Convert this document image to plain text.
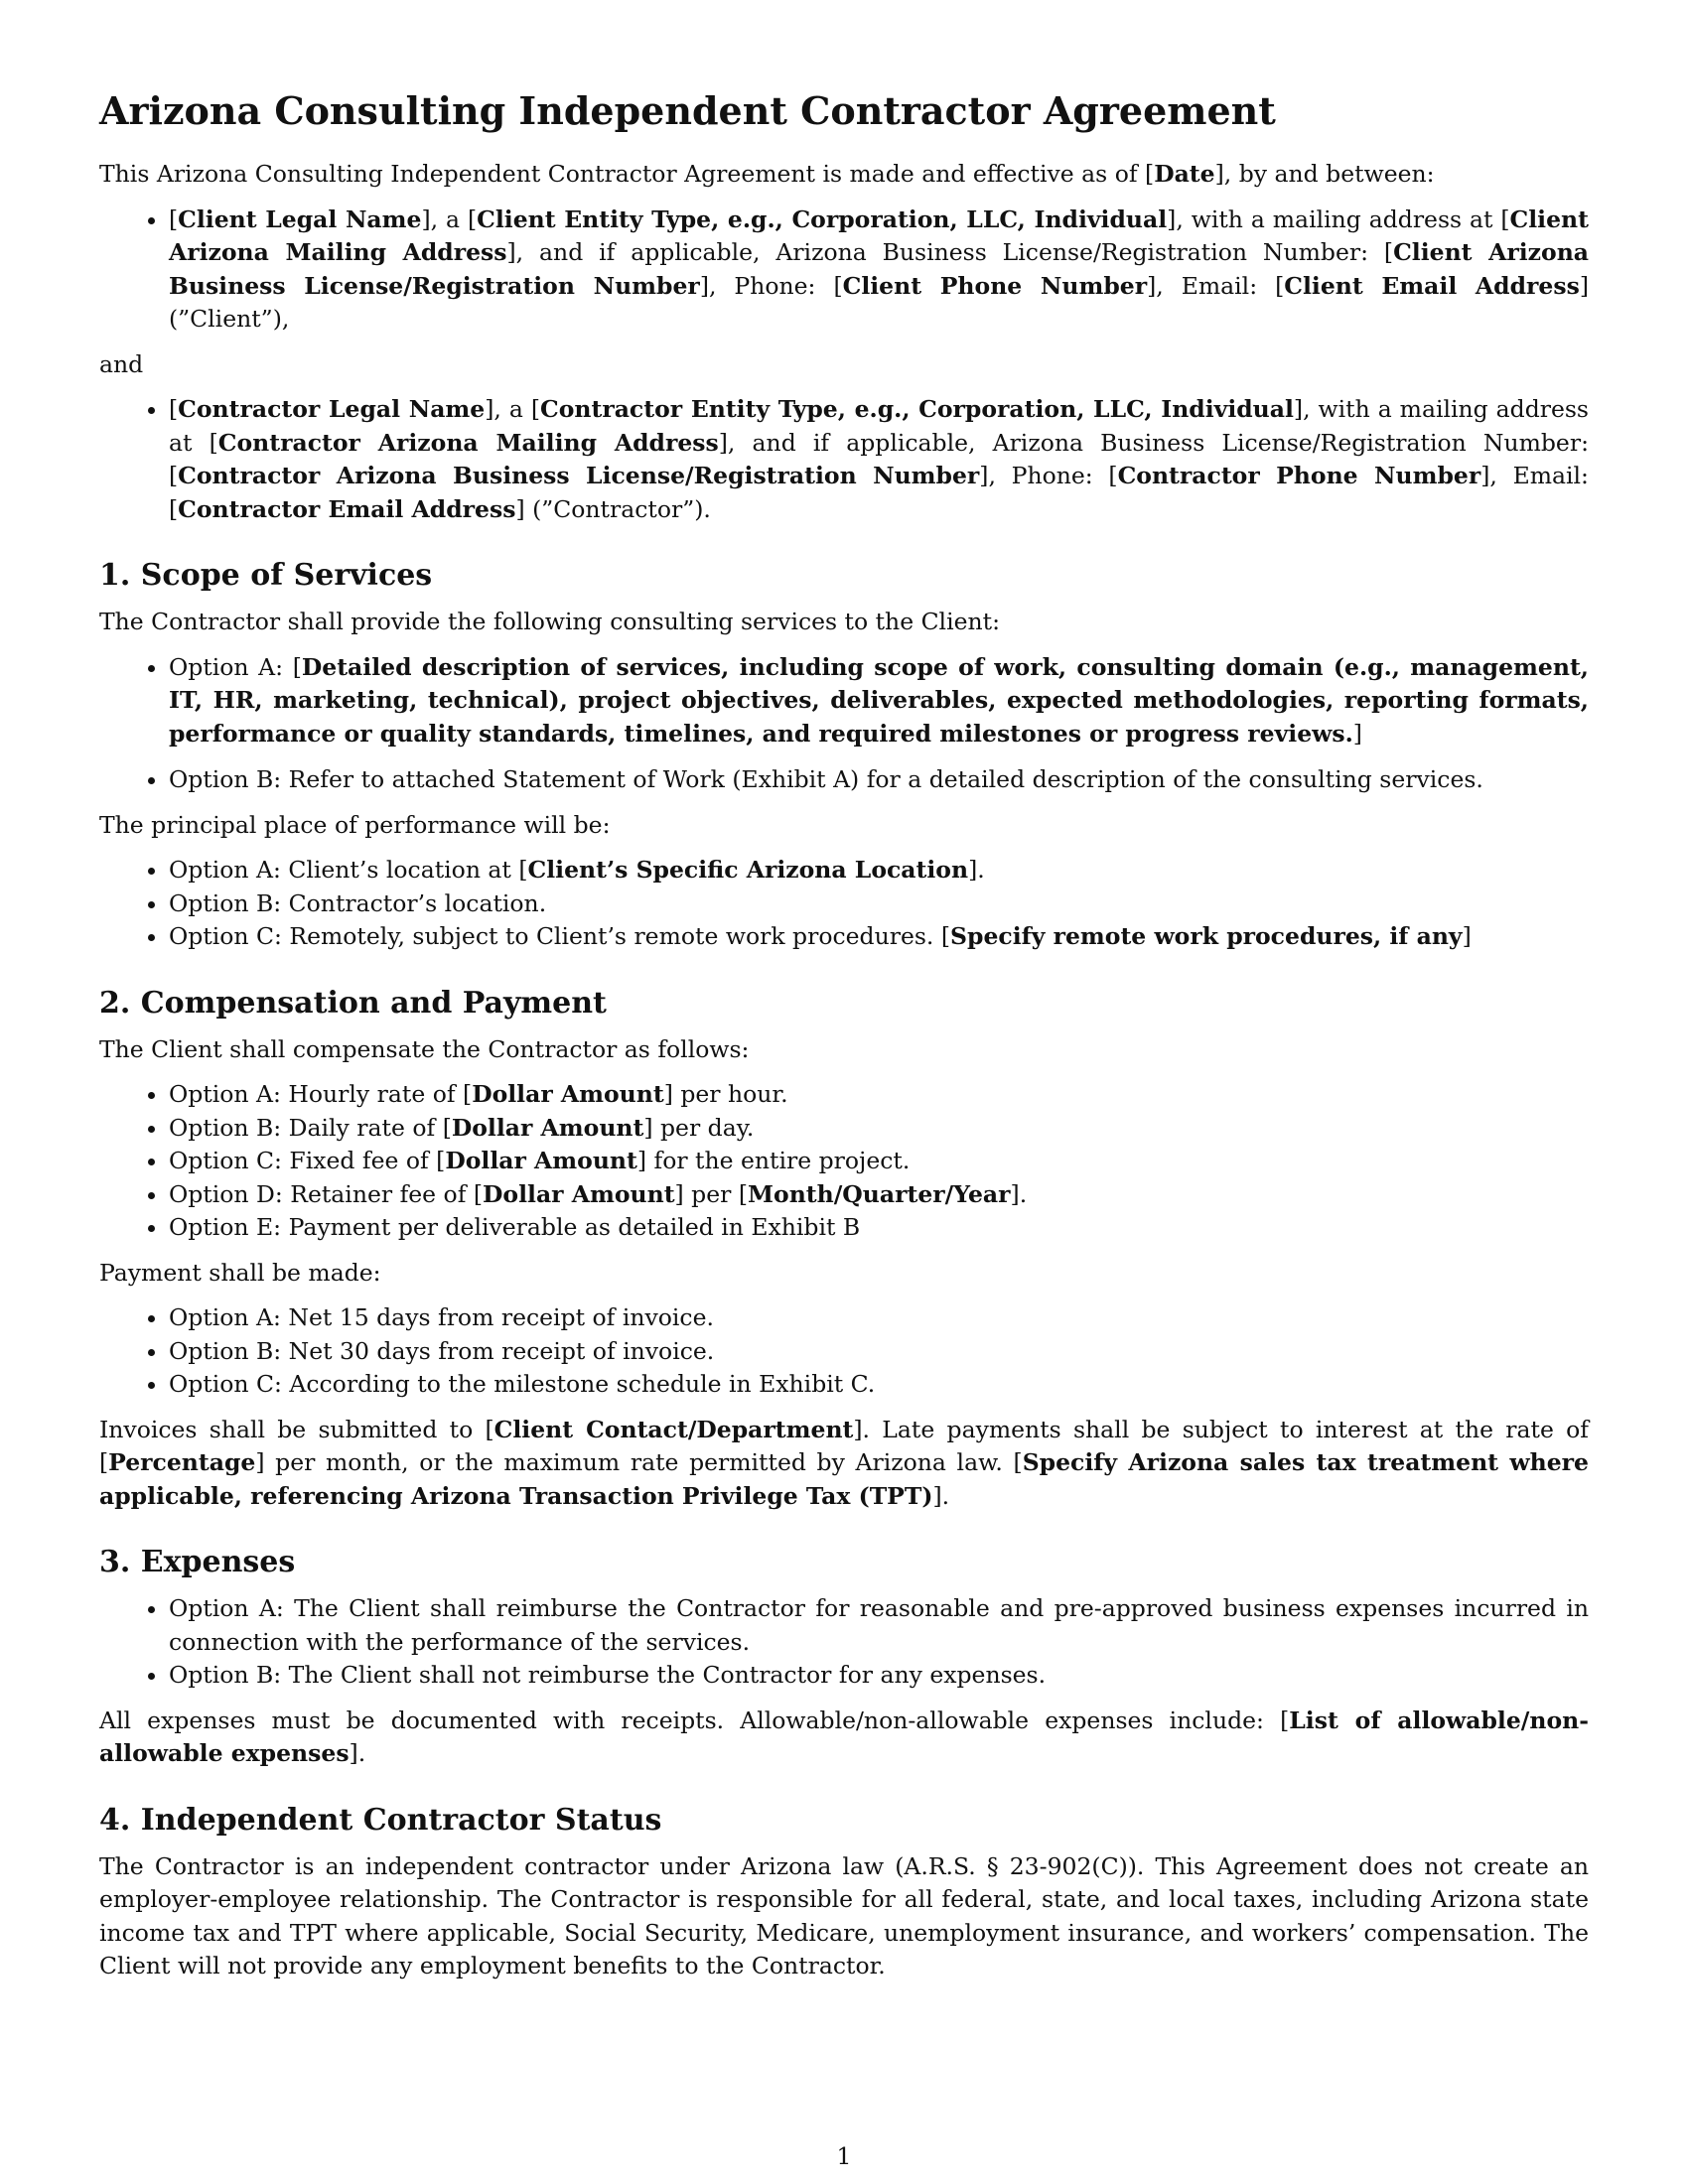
Arizona Consulting Independent Contractor Agreement

This Arizona Consulting Independent Contractor Agreement is made and effective as of [Date], by and between:

• [Client Legal Name], a [Client Entity Type, e.g., Corporation, LLC, Individual], with a mailing address at [Client Arizona Mailing Address], and if applicable, Arizona Business License/Registration Number: [Client Arizona Business License/Registration Number], Phone: [Client Phone Number], Email: [Client Email Address] (”Client”),

and

• [Contractor Legal Name], a [Contractor Entity Type, e.g., Corporation, LLC, Individual], with a mailing address at [Contractor Arizona Mailing Address], and if applicable, Arizona Business License/Registration Number: [Contractor Arizona Business License/Registration Number], Phone: [Contractor Phone Number], Email: [Contractor Email Address] (”Contractor”).
1. Scope of Services

The Contractor shall provide the following consulting services to the Client:

• Option A: [Detailed description of services, including scope of work, consulting domain (e.g., management, IT, HR, marketing, technical), project objectives, deliverables, expected methodologies, reporting formats, performance or quality standards, timelines, and required milestones or progress reviews.]
• Option B: Refer to attached Statement of Work (Exhibit A) for a detailed description of the consulting services.

The principal place of performance will be:

• Option A: Client’s location at [Client’s Specific Arizona Location].
• Option B: Contractor’s location.
• Option C: Remotely, subject to Client’s remote work procedures. [Specify remote work procedures, if any]
2. Compensation and Payment

The Client shall compensate the Contractor as follows:

• Option A: Hourly rate of [Dollar Amount] per hour.
• Option B: Daily rate of [Dollar Amount] per day.
• Option C: Fixed fee of [Dollar Amount] for the entire project.
• Option D: Retainer fee of [Dollar Amount] per [Month/Quarter/Year].
• Option E: Payment per deliverable as detailed in Exhibit B

Payment shall be made:

• Option A: Net 15 days from receipt of invoice.
• Option B: Net 30 days from receipt of invoice.
• Option C: According to the milestone schedule in Exhibit C.

Invoices shall be submitted to [Client Contact/Department]. Late payments shall be subject to interest at the rate of [Percentage] per month, or the maximum rate permitted by Arizona law. [Specify Arizona sales tax treatment where applicable, referencing Arizona Transaction Privilege Tax (TPT)].

3. Expenses
• Option A: The Client shall reimburse the Contractor for reasonable and pre-approved business expenses incurred in connection with the performance of the services.
• Option B: The Client shall not reimburse the Contractor for any expenses.

All expenses must be documented with receipts. Allowable/non-allowable expenses include: [List of allowable/non-allowable expenses].

4. Independent Contractor Status

The Contractor is an independent contractor under Arizona law (A.R.S. § 23-902(C)). This Agreement does not create an employer-employee relationship. The Contractor is responsible for all federal, state, and local taxes, including Arizona state income tax and TPT where applicable, Social Security, Medicare, unemployment insurance, and workers’ compensation. The Client will not provide any employment benefits to the Contractor.

1
